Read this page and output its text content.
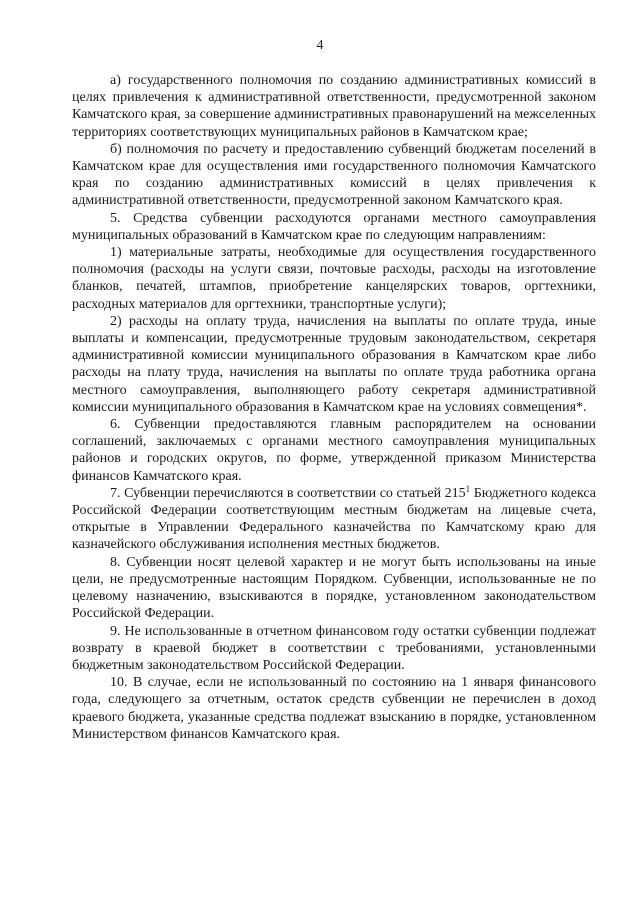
4

а) государственного полномочия по созданию административных комиссий в целях привлечения к административной ответственности, предусмотренной законом Камчатского края, за совершение административных правонарушений на межселенных территориях соответствующих муниципальных районов в Камчатском крае;

б) полномочия по расчету и предоставлению субвенций бюджетам поселений в Камчатском крае для осуществления ими государственного полномочия Камчатского края по созданию административных комиссий в целях привлечения к административной ответственности, предусмотренной законом Камчатского края.

5. Средства субвенции расходуются органами местного самоуправления муниципальных образований в Камчатском крае по следующим направлениям:

1) материальные затраты, необходимые для осуществления государственного полномочия (расходы на услуги связи, почтовые расходы, расходы на изготовление бланков, печатей, штампов, приобретение канцелярских товаров, оргтехники, расходных материалов для оргтехники, транспортные услуги);

2) расходы на оплату труда, начисления на выплаты по оплате труда, иные выплаты и компенсации, предусмотренные трудовым законодательством, секретаря административной комиссии муниципального образования в Камчатском крае либо расходы на плату труда, начисления на выплаты по оплате труда работника органа местного самоуправления, выполняющего работу секретаря административной комиссии муниципального образования в Камчатском крае на условиях совмещения*.

6. Субвенции предоставляются главным распорядителем на основании соглашений, заключаемых с органами местного самоуправления муниципальных районов и городских округов, по форме, утвержденной приказом Министерства финансов Камчатского края.

7. Субвенции перечисляются в соответствии со статьей $215^1$ Бюджетного кодекса Российской Федерации соответствующим местным бюджетам на лицевые счета, открытые в Управлении Федерального казначейства по Камчатскому краю для казначейского обслуживания исполнения местных бюджетов.

8. Субвенции носят целевой характер и не могут быть использованы на иные цели, не предусмотренные настоящим Порядком. Субвенции, использованные не по целевому назначению, взыскиваются в порядке, установленном законодательством Российской Федерации.

9. Не использованные в отчетном финансовом году остатки субвенции подлежат возврату в краевой бюджет в соответствии с требованиями, установленными бюджетным законодательством Российской Федерации.

10. В случае, если не использованный по состоянию на 1 января финансового года, следующего за отчетным, остаток средств субвенции не перечислен в доход краевого бюджета, указанные средства подлежат взысканию в порядке, установленном Министерством финансов Камчатского края.
